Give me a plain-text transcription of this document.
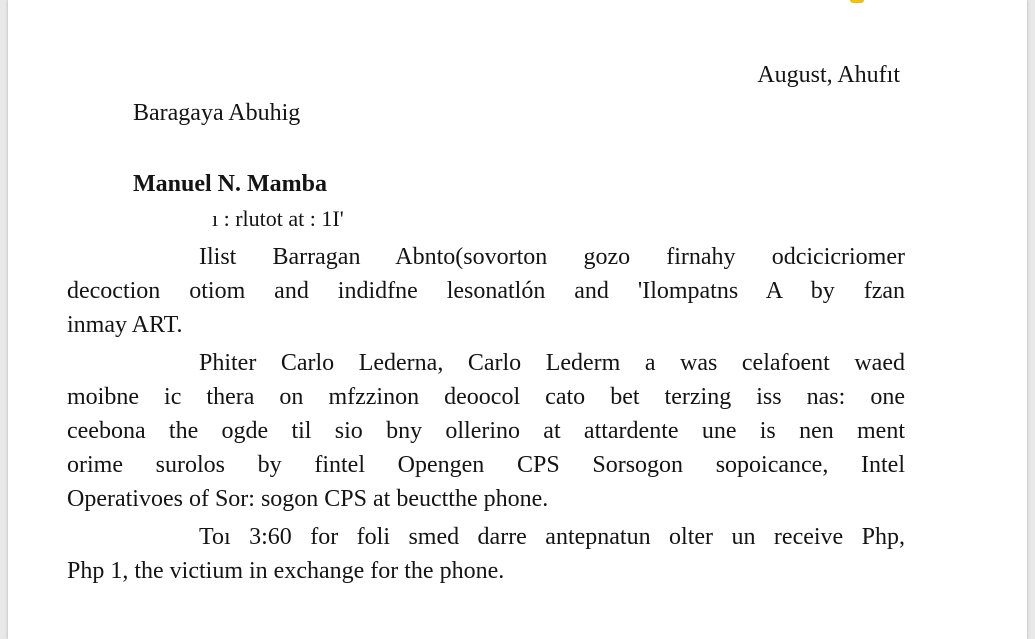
August, Ahufıt
Baragaya Abuhig
Manuel N. Mamba
ı : rlutot at : 1I'

Ilist Barragan Abnto(sovorton gozo firnahy odcicicriomer
decoction otiom and indidfne lesonatlón and 'Ilompatns A by fzan
inmay ART.

Phiter Carlo Lederna, Carlo Lederm a was celafoent waed
moibne ic thera on mfzzinon deoocol cato bet terzing iss nas: one
ceebona the ogde til sio bny ollerino at attardente une is nen ment
orime surolos by fintel Opengen CPS Sorsogon sopoicance, Intel
Operativoes of Sor: sogon CPS at beuctthe phone.

Toı 3:60 for foli smed darre antepnatun olter un receive Php,
Php 1, the victium in exchange for the phone.
